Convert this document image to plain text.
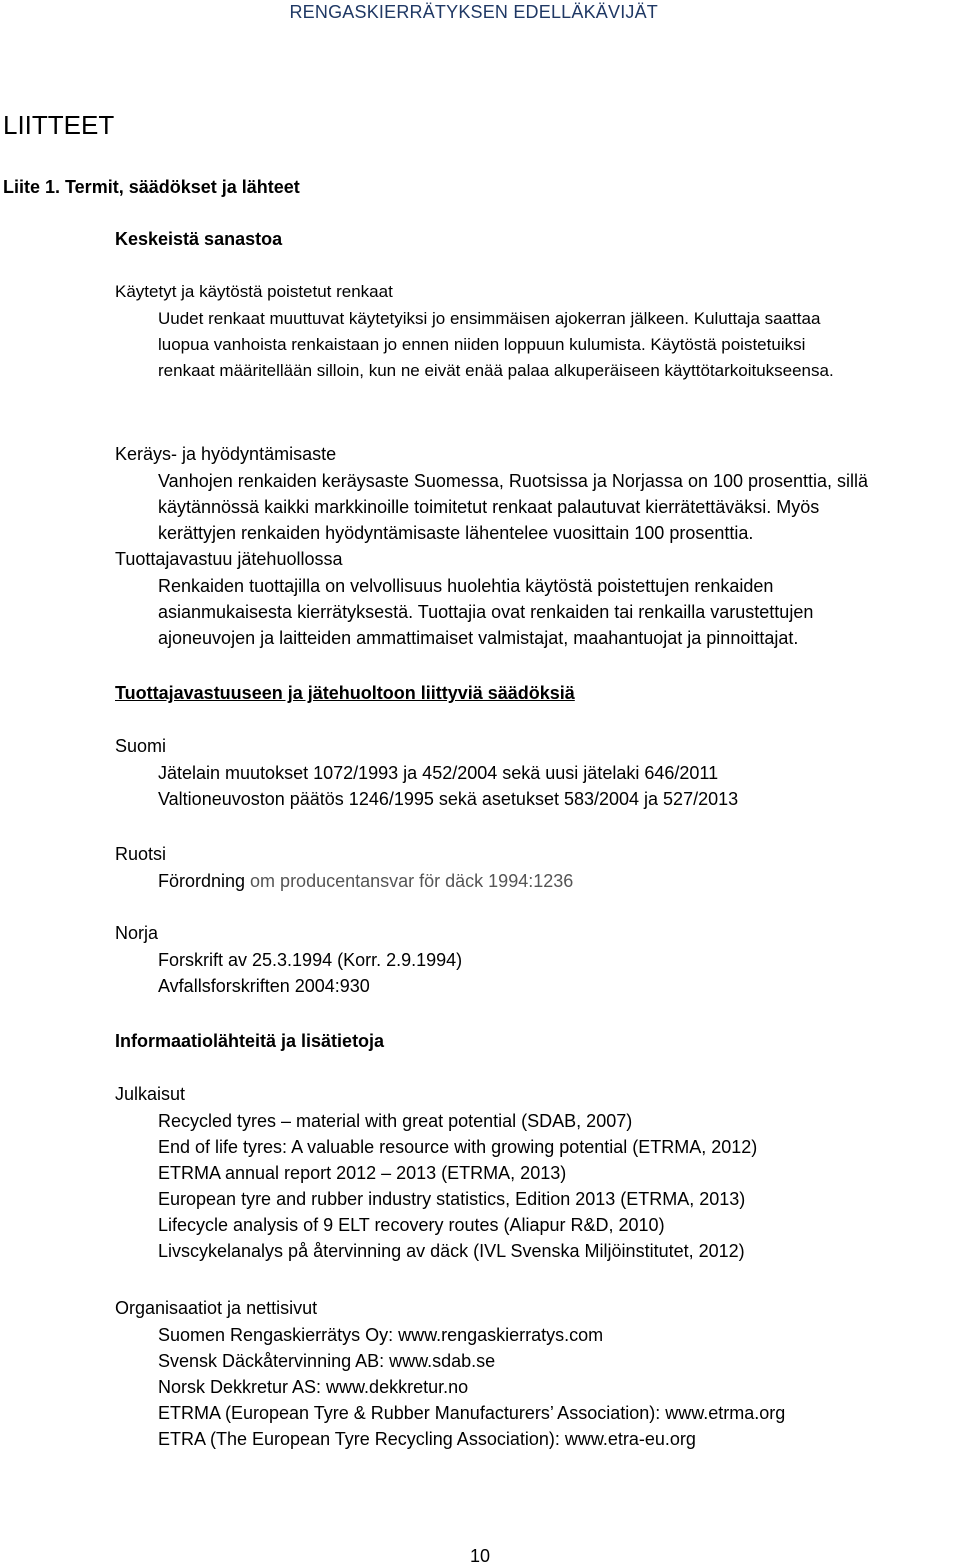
RENGASKIERRÄTYKSEN EDELLÄKÄVIJÄT
LIITTEET
Liite 1. Termit, säädökset ja lähteet
Keskeistä sanastoa
Käytetyt ja käytöstä poistetut renkaat
Uudet renkaat muuttuvat käytetyiksi jo ensimmäisen ajokerran jälkeen. Kuluttaja saattaa
luopua vanhoista renkaistaan jo ennen niiden loppuun kulumista. Käytöstä poistetuiksi
renkaat määritellään silloin, kun ne eivät enää palaa alkuperäiseen käyttötarkoitukseensa.
Keräys- ja hyödyntämisaste
Vanhojen renkaiden keräysaste Suomessa, Ruotsissa ja Norjassa on 100 prosenttia, sillä
käytännössä kaikki markkinoille toimitetut renkaat palautuvat kierrätettäväksi. Myös
kerättyjen renkaiden hyödyntämisaste lähentelee vuosittain 100 prosenttia.
Tuottajavastuu jätehuollossa
Renkaiden tuottajilla on velvollisuus huolehtia käytöstä poistettujen renkaiden
asianmukaisesta kierrätyksestä. Tuottajia ovat renkaiden tai renkailla varustettujen
ajoneuvojen ja laitteiden ammattimaiset valmistajat, maahantuojat ja pinnoittajat.
Tuottajavastuuseen ja jätehuoltoon liittyviä säädöksiä
Suomi
Jätelain muutokset 1072/1993 ja 452/2004 sekä uusi jätelaki 646/2011
Valtioneuvoston päätös 1246/1995 sekä asetukset 583/2004 ja 527/2013
Ruotsi
Förordning om producentansvar för däck 1994:1236
Norja
Forskrift av 25.3.1994 (Korr. 2.9.1994)
Avfallsforskriften 2004:930
Informaatiolähteitä ja lisätietoja
Julkaisut
Recycled tyres – material with great potential (SDAB, 2007)
End of life tyres: A valuable resource with growing potential (ETRMA, 2012)
ETRMA annual report 2012 – 2013 (ETRMA, 2013)
European tyre and rubber industry statistics, Edition 2013 (ETRMA, 2013)
Lifecycle analysis of 9 ELT recovery routes (Aliapur R&D, 2010)
Livscykelanalys på återvinning av däck (IVL Svenska Miljöinstitutet, 2012)
Organisaatiot ja nettisivut
Suomen Rengaskierrätys Oy: www.rengaskierratys.com
Svensk Däckåtervinning AB: www.sdab.se
Norsk Dekkretur AS: www.dekkretur.no
ETRMA (European Tyre & Rubber Manufacturers’ Association): www.etrma.org
ETRA (The European Tyre Recycling Association): www.etra-eu.org
10
